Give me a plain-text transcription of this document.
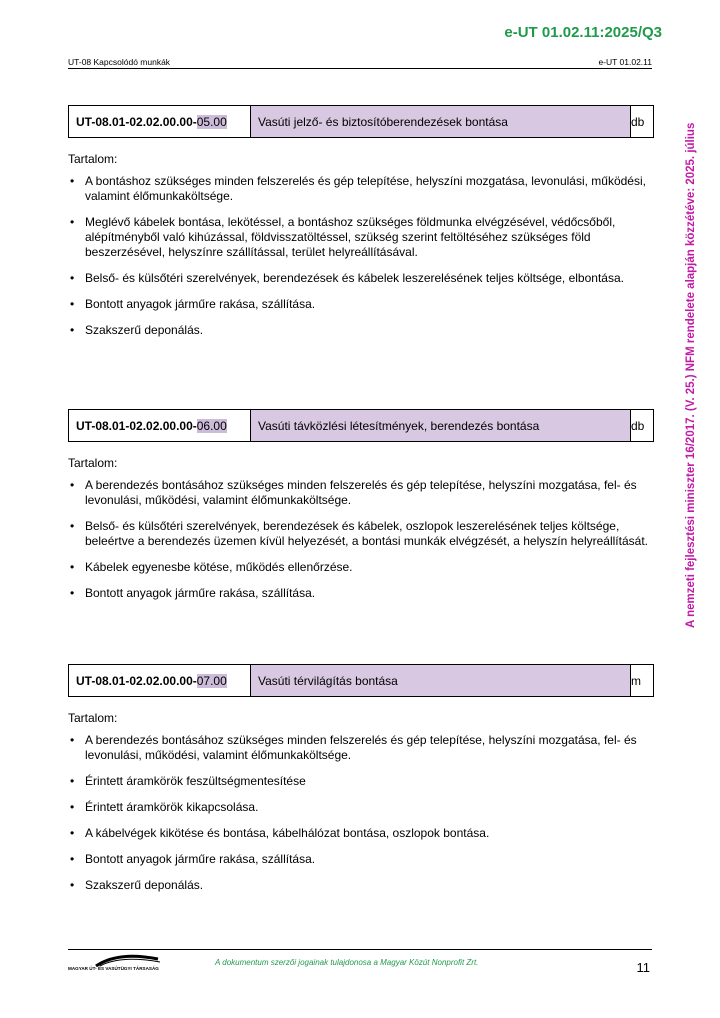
e-UT 01.02.11:2025/Q3
UT-08 Kapcsolódó munkák	e-UT 01.02.11
A nemzeti fejlesztési miniszter 16/2017. (V. 25.) NFM rendelete alapján közzétéve: 2025. július
UT-08.01-02.02.00.00- 05.00	Vasúti jelző- és biztosítóberendezések bontása	db
Tartalom:
• A bontáshoz szükséges minden felszerelés és gép telepítése, helyszíni mozgatása, levonulási, működési, valamint élőmunkaköltsége.
• Meglévő kábelek bontása, lekötéssel, a bontáshoz szükséges földmunka elvégzésével, védőcsőből, alépítményből való kihúzással, földvisszatöltéssel, szükség szerint feltöltéséhez szükséges föld beszerzésével, helyszínre szállítással, terület helyreállításával.
• Belső- és külsőtéri szerelvények, berendezések és kábelek leszerelésének teljes költsége, elbontása.
• Bontott anyagok járműre rakása, szállítása.
• Szakszerű deponálás.
UT-08.01-02.02.00.00- 06.00	Vasúti távközlési létesítmények, berendezés bontása	db
Tartalom:
• A berendezés bontásához szükséges minden felszerelés és gép telepítése, helyszíni mozgatása, fel- és levonulási, működési, valamint élőmunkaköltsége.
• Belső- és külsőtéri szerelvények, berendezések és kábelek, oszlopok leszerelésének teljes költsége, beleértve a berendezés üzemen kívül helyezését, a bontási munkák elvégzését, a helyszín helyreállítását.
• Kábelek egyenesbe kötése, működés ellenőrzése.
• Bontott anyagok járműre rakása, szállítása.
UT-08.01-02.02.00.00- 07.00	Vasúti térvilágítás bontása	m
Tartalom:
• A berendezés bontásához szükséges minden felszerelés és gép telepítése, helyszíni mozgatása, fel- és levonulási, működési, valamint élőmunkaköltsége.
• Érintett áramkörök feszültségmentesítése
• Érintett áramkörök kikapcsolása.
• A kábelvégek kikötése és bontása, kábelhálózat bontása, oszlopok bontása.
• Bontott anyagok járműre rakása, szállítása.
• Szakszerű deponálás.
MAGYAR ÚT- ÉS VASÚTÜGYI TÁRSASÁG
A dokumentum szerzői jogainak tulajdonosa a Magyar Közút Nonprofit Zrt.	11
